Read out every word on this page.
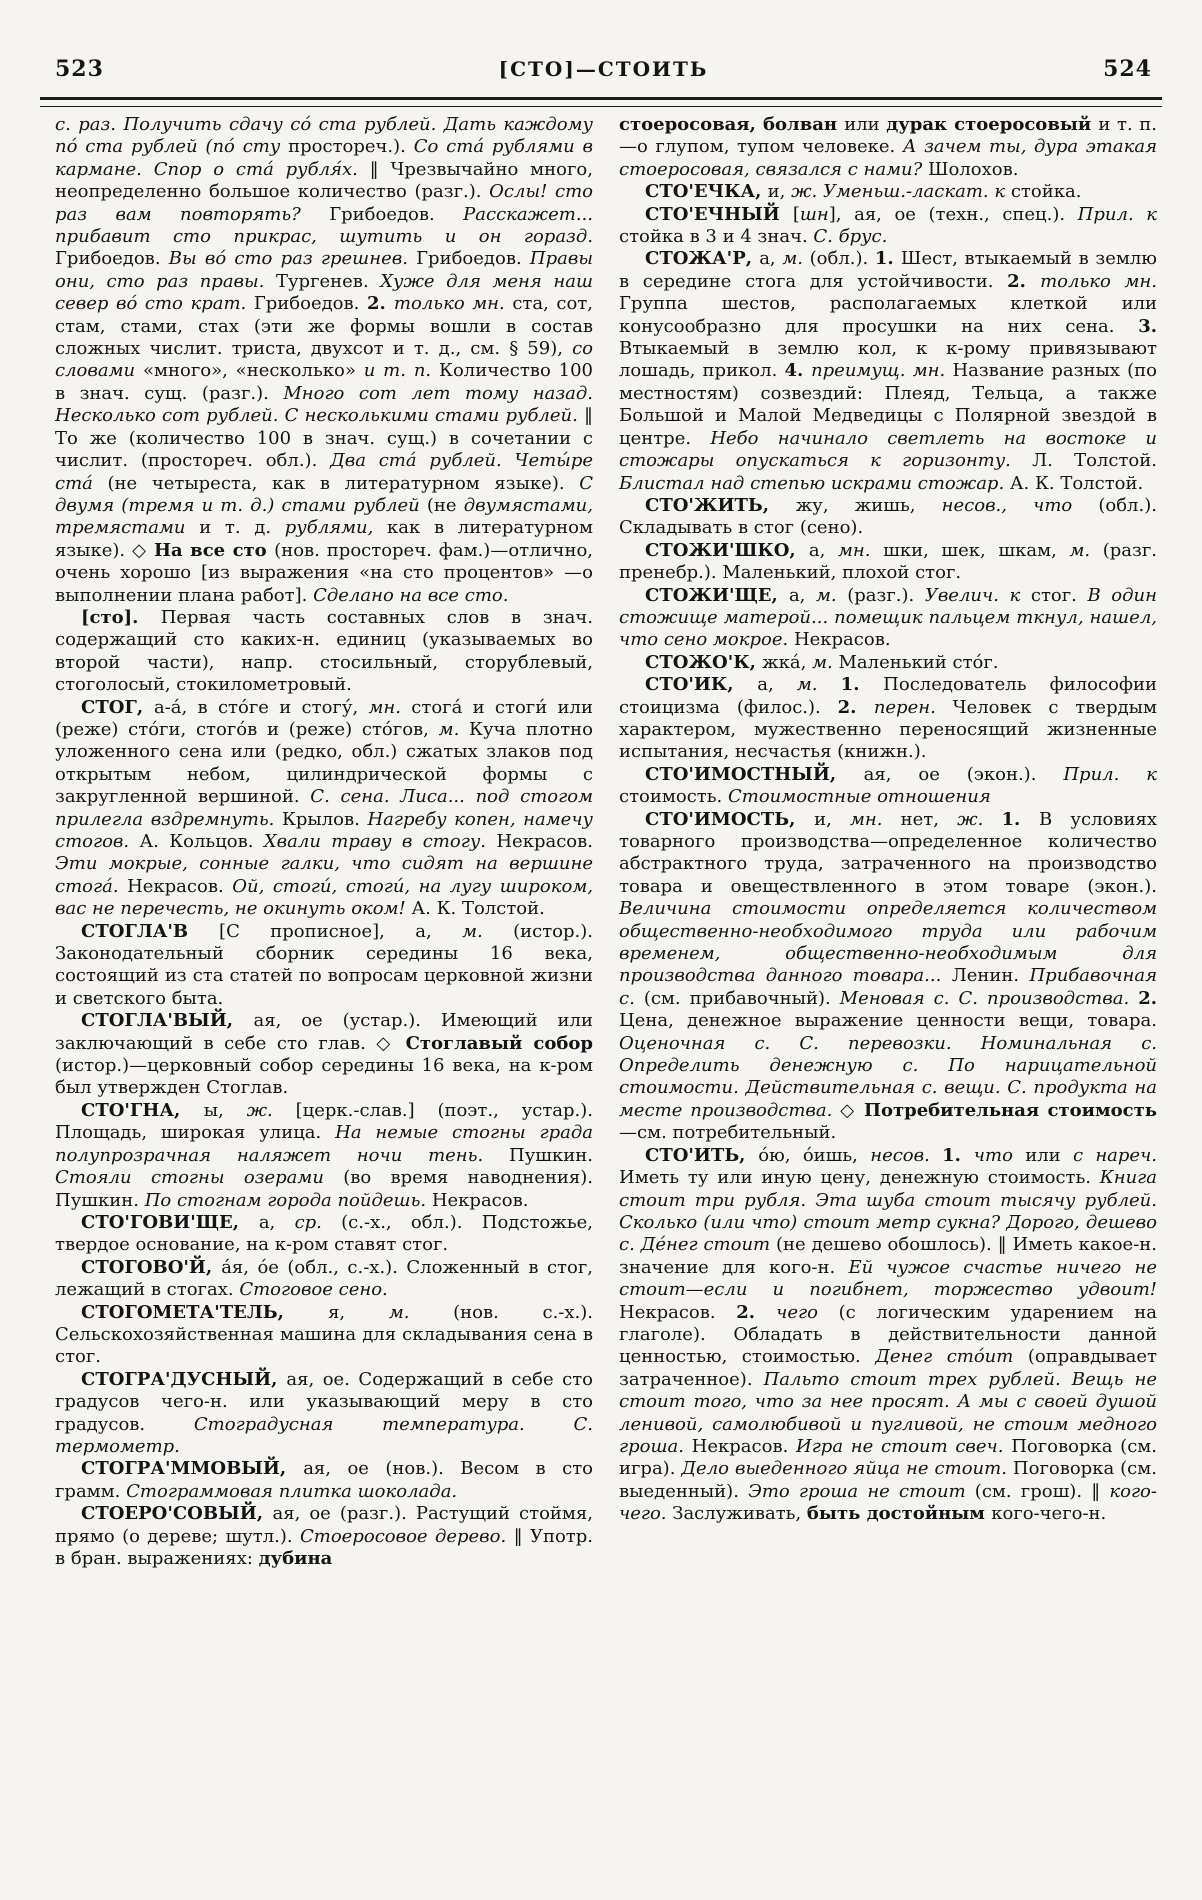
523	[СТО]—СТОИТЬ	524

с. раз. Получить сдачу со́ ста рублей. Дать каждому по́ ста рублей (по́ сту простореч.). Со ста́ рублями в кармане. Спор о ста́ рубля́х. ‖ Чрезвычайно много, неопределенно большое количество (разг.). Ослы! сто раз вам повторять? Грибоедов. Расскажет... прибавит сто прикрас, шутить и он горазд. Грибоедов. Вы во́ сто раз грешнев. Грибоедов. Правы они, сто раз правы. Тургенев. Хуже для меня наш север во́ сто крат. Грибоедов. 2. только мн. ста, сот, стам, стами, стах (эти же формы вошли в состав сложных числит. триста, двухсот и т. д., см. § 59), со словами «много», «несколько» и т. п. Количество 100 в знач. сущ. (разг.). Много сот лет тому назад. Несколько сот рублей. С несколькими стами рублей. ‖ То же (количество 100 в знач. сущ.) в сочетании с числит. (простореч. обл.). Два ста́ рублей. Четы́ре ста́ (не четыреста, как в литературном языке). С двумя (тремя и т. д.) стами рублей (не двумястами, тремястами и т. д. рублями, как в литературном языке). ◇ На все сто (нов. простореч. фам.)—отлично, очень хорошо [из выражения «на сто процентов» —о выполнении плана работ]. Сделано на все сто.

[сто]. Первая часть составных слов в знач. содержащий сто каких-н. единиц (указываемых во второй части), напр. стосильный, сторублевый, стоголосый, стокилометровый.

СТОГ, а-а́, в сто́ге и стогу́, мн. стога́ и стоги́ или (реже) сто́ги, стого́в и (реже) сто́гов, м. Куча плотно уложенного сена или (редко, обл.) сжатых злаков под открытым небом, цилиндрической формы с закругленной вершиной. С. сена. Лиса... под стогом прилегла вздремнуть. Крылов. Нагребу копен, намечу стогов. А. Кольцов. Хвали траву в стогу. Некрасов. Эти мокрые, сонные галки, что сидят на вершине стога́. Некрасов. Ой, стоги́, стоги́, на лугу широком, вас не перечесть, не окинуть оком! А. К. Толстой.

СТОГЛА'В [С прописное], а, м. (истор.). Законодательный сборник середины 16 века, состоящий из ста статей по вопросам церковной жизни и светского быта.

СТОГЛА'ВЫЙ, ая, ое (устар.). Имеющий или заключающий в себе сто глав. ◇ Стоглавый собор (истор.)—церковный собор середины 16 века, на к-ром был утвержден Стоглав.

СТО'ГНА, ы, ж. [церк.-слав.] (поэт., устар.). Площадь, широкая улица. На немые стогны града полупрозрачная наляжет ночи тень. Пушкин. Стояли стогны озерами (во время наводнения). Пушкин. По стогнам города пойдешь. Некрасов.

СТО'ГОВИ'ЩЕ, а, ср. (с.-х., обл.). Подстожье, твердое основание, на к-ром ставят стог.

СТОГОВО'Й, а́я, о́е (обл., с.-х.). Сложенный в стог, лежащий в стогах. Стоговое сено.

СТОГОМЕТА'ТЕЛЬ, я, м. (нов. с.-х.). Сельскохозяйственная машина для складывания сена в стог.

СТОГРА'ДУСНЫЙ, ая, ое. Содержащий в себе сто градусов чего-н. или указывающий меру в сто градусов. Стоградусная температура. С. термометр.

СТОГРА'ММОВЫЙ, ая, ое (нов.). Весом в сто грамм. Стограммовая плитка шоколада.

СТОЕРО'СОВЫЙ, ая, ое (разг.). Растущий стоймя, прямо (о дереве; шутл.). Стоеросовое дерево. ‖ Употр. в бран. выражениях: дубина

стоеросовая, болван или дурак стоеросовый и т. п.—о глупом, тупом человеке. А зачем ты, дура этакая стоеросовая, связался с нами? Шолохов.

СТО'ЕЧКА, и, ж. Уменьш.-ласкат. к стойка.

СТО'ЕЧНЫЙ [шн], ая, ое (техн., спец.). Прил. к стойка в 3 и 4 знач. С. брус.

СТОЖА'Р, а, м. (обл.). 1. Шест, втыкаемый в землю в середине стога для устойчивости. 2. только мн. Группа шестов, располагаемых клеткой или конусообразно для просушки на них сена. 3. Втыкаемый в землю кол, к к-рому привязывают лошадь, прикол. 4. преимущ. мн. Название разных (по местностям) созвездий: Плеяд, Тельца, а также Большой и Малой Медведицы с Полярной звездой в центре. Небо начинало светлеть на востоке и стожары опускаться к горизонту. Л. Толстой. Блистал над степью искрами стожар. А. К. Толстой.

СТО'ЖИТЬ, жу, жишь, несов., что (обл.). Складывать в стог (сено).

СТОЖИ'ШКО, а, мн. шки, шек, шкам, м. (разг. пренебр.). Маленький, плохой стог.

СТОЖИ'ЩЕ, а, м. (разг.). Увелич. к стог. В один стожище матерой... помещик пальцем ткнул, нашел, что сено мокрое. Некрасов.

СТОЖО'К, жка́, м. Маленький сто́г.

СТО'ИК, а, м. 1. Последователь философии стоицизма (филос.). 2. перен. Человек с твердым характером, мужественно переносящий жизненные испытания, несчастья (книжн.).

СТО'ИМОСТНЫЙ, ая, ое (экон.). Прил. к стоимость. Стоимостные отношения

СТО'ИМОСТЬ, и, мн. нет, ж. 1. В условиях товарного производства—определенное количество абстрактного труда, затраченного на производство товара и овеществленного в этом товаре (экон.). Величина стоимости определяется количеством общественно-необходимого труда или рабочим временем, общественно-необходимым для производства данного товара... Ленин. Прибавочная с. (см. прибавочный). Меновая с. С. производства. 2. Цена, денежное выражение ценности вещи, товара. Оценочная с. С. перевозки. Номинальная с. Определить денежную с. По нарицательной стоимости. Действительная с. вещи. С. продукта на месте производства. ◇ Потребительная стоимость—см. потребительный.

СТО'ИТЬ, о́ю, о́ишь, несов. 1. что или с нареч. Иметь ту или иную цену, денежную стоимость. Книга стоит три рубля. Эта шуба стоит тысячу рублей. Сколько (или что) стоит метр сукна? Дорого, дешево с. Де́нег стоит (не дешево обошлось). ‖ Иметь какое-н. значение для кого-н. Ей чужое счастье ничего не стоит—если и погибнет, торжество удвоит! Некрасов. 2. чего (с логическим ударением на глаголе). Обладать в действительности данной ценностью, стоимостью. Денег сто́ит (оправдывает затраченное). Пальто стоит трех рублей. Вещь не стоит того, что за нее просят. А мы с своей душой ленивой, самолюбивой и пугливой, не стоим медного гроша. Некрасов. Игра не стоит свеч. Поговорка (см. игра). Дело выеденного яйца не стоит. Поговорка (см. выеденный). Это гроша не стоит (см. грош). ‖ кого-чего. Заслуживать, быть достойным кого-чего-н.
